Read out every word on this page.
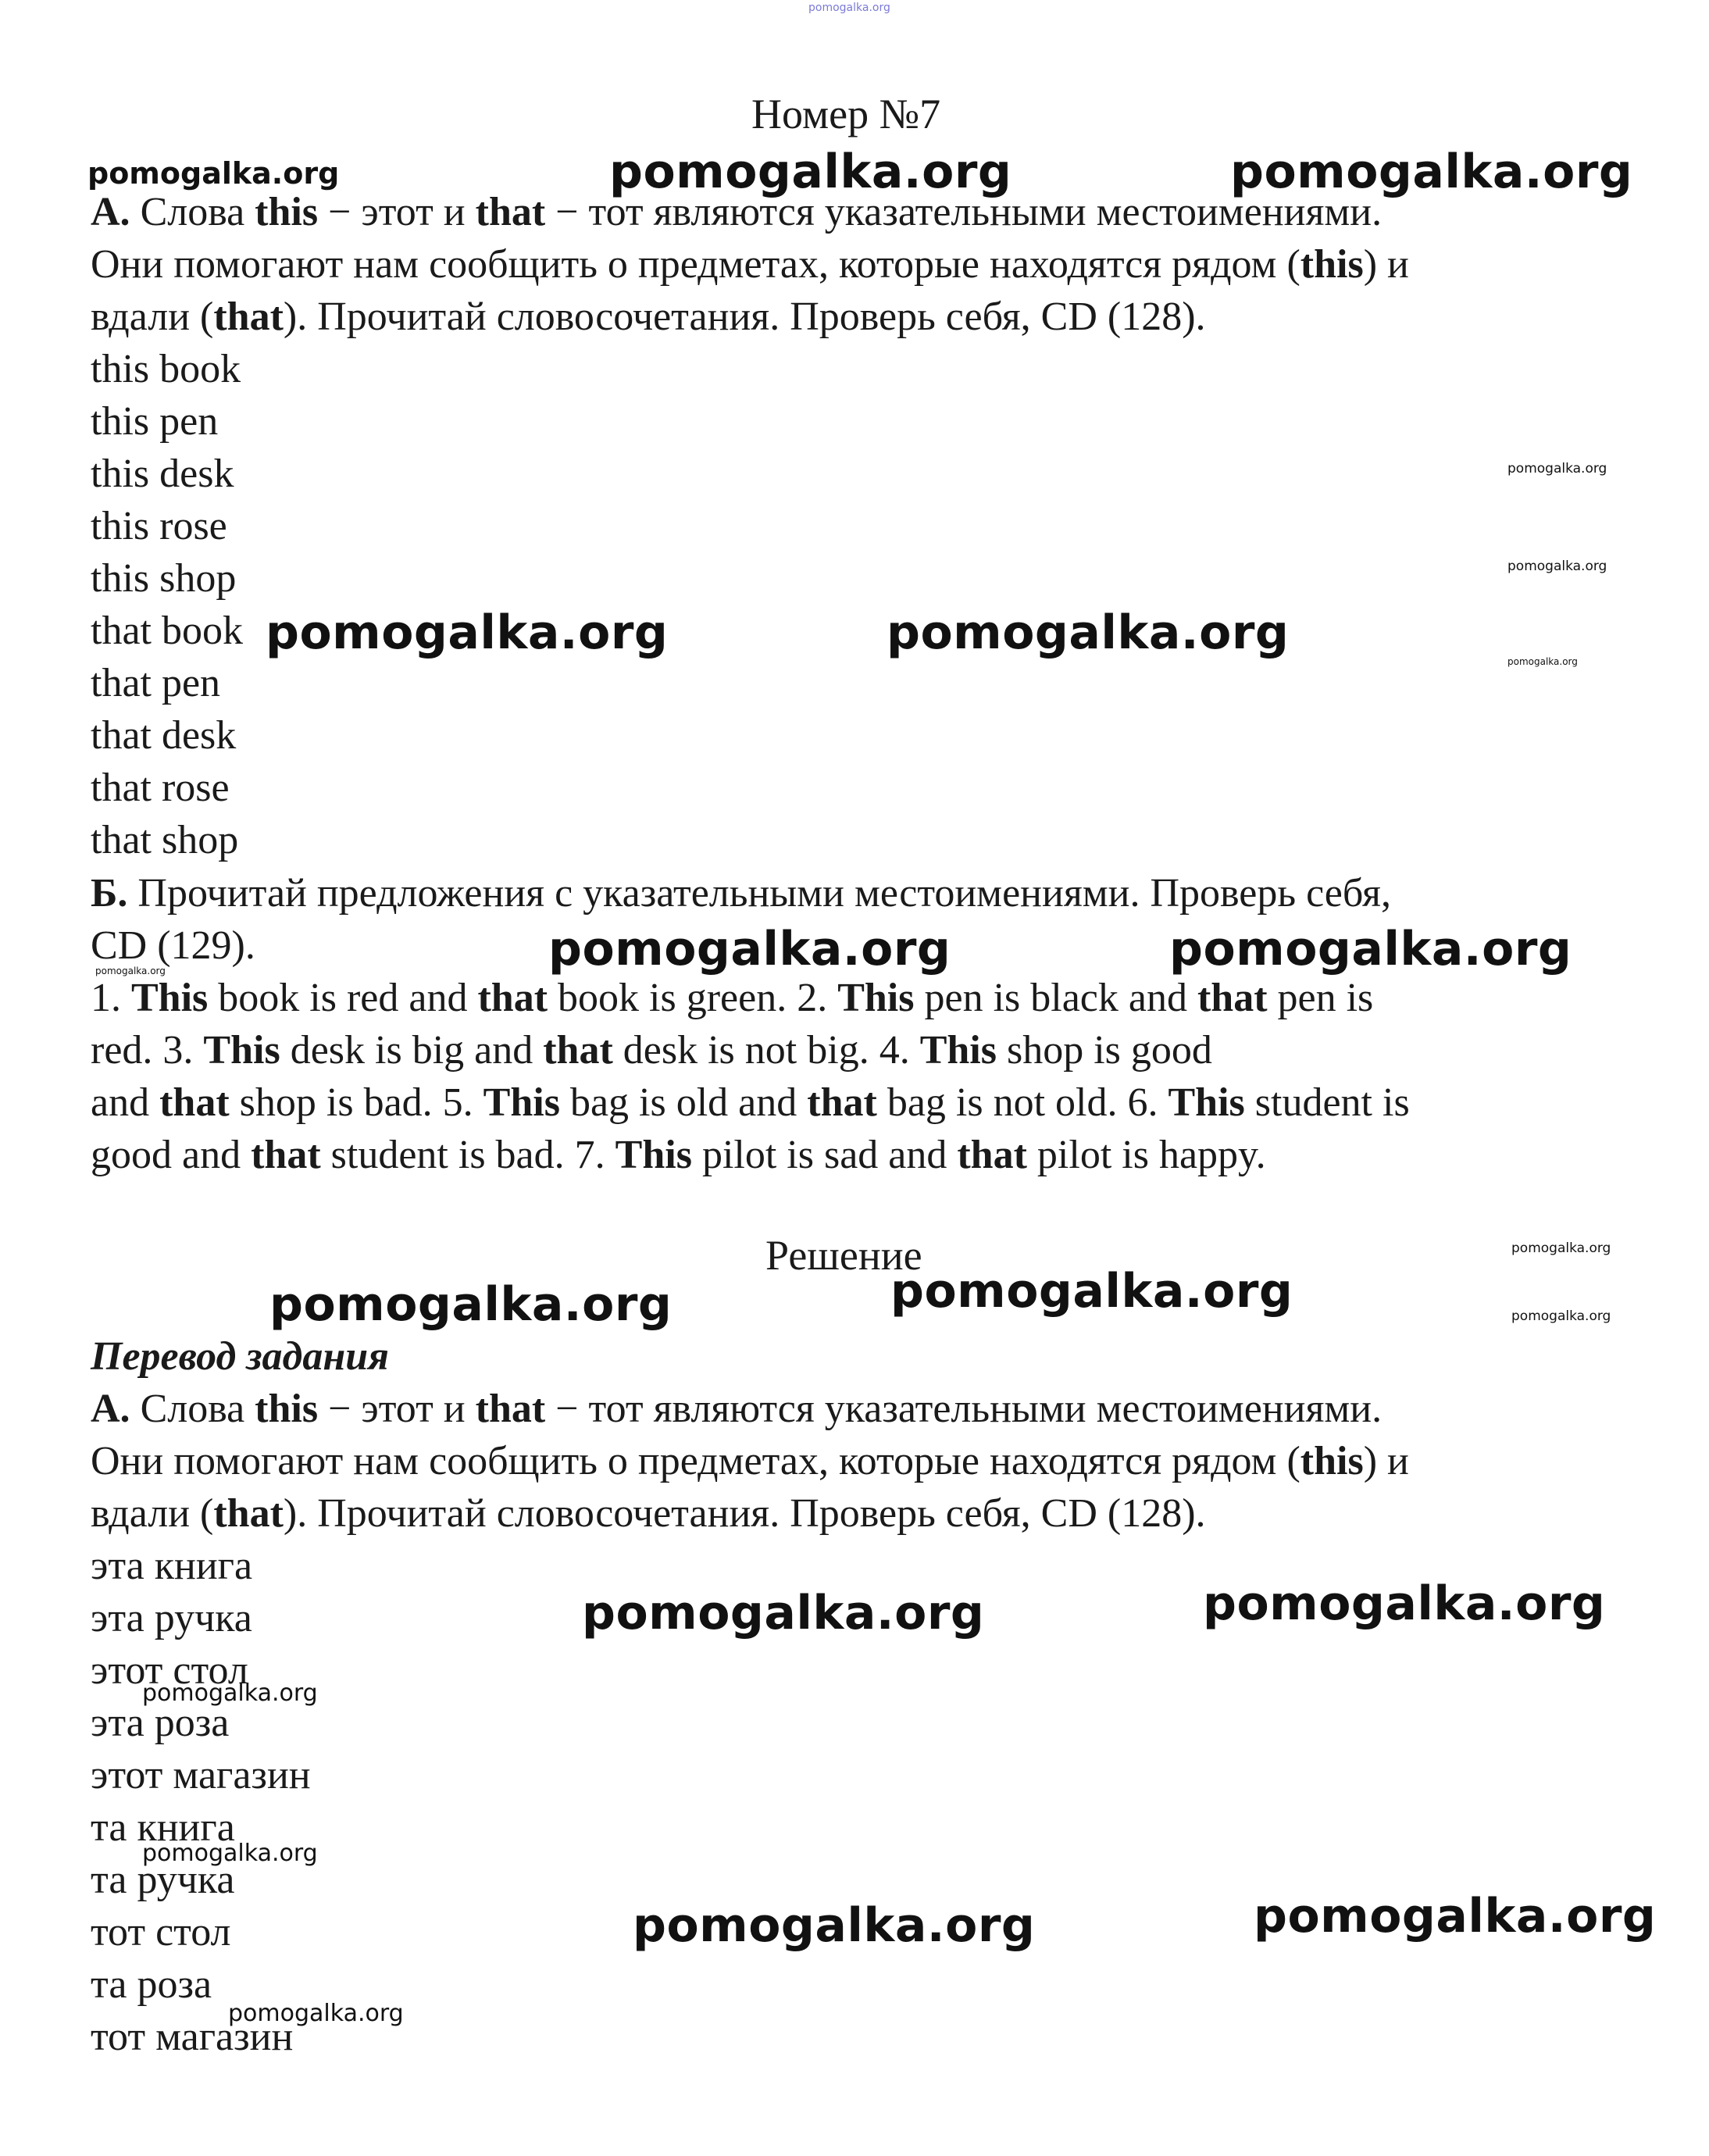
pomogalka.org
Номер №7
pomogalka.org	pomogalka.org	pomogalka.org
А. Слова this − этот и that − тот являются указательными местоимениями.
Они помогают нам сообщить о предметах, которые находятся рядом (this) и
вдали (that). Прочитай словосочетания. Проверь себя, CD (128).
this book
this pen
this desk
this rose
this shop
that book
that pen
that desk
that rose
that shop
pomogalka.org
pomogalka.org
pomogalka.org
pomogalka.org	pomogalka.org
Б. Прочитай предложения с указательными местоимениями. Проверь себя,
CD (129).
pomogalka.org	pomogalka.org	pomogalka.org
1. This book is red and that book is green. 2. This pen is black and that pen is
red. 3. This desk is big and that desk is not big. 4. This shop is good
and that shop is bad. 5. This bag is old and that bag is not old. 6. This student is
good and that student is bad. 7. This pilot is sad and that pilot is happy.
Решение	pomogalka.org
pomogalka.org
pomogalka.org	pomogalka.org
Перевод задания
А. Слова this − этот и that − тот являются указательными местоимениями.
Они помогают нам сообщить о предметах, которые находятся рядом (this) и
вдали (that). Прочитай словосочетания. Проверь себя, CD (128).
эта книга
эта ручка
этот стол
эта роза
этот магазин
та книга
та ручка
тот стол
та роза
тот магазин
pomogalka.org	pomogalka.org
pomogalka.org
pomogalka.org
pomogalka.org	pomogalka.org
pomogalka.org
